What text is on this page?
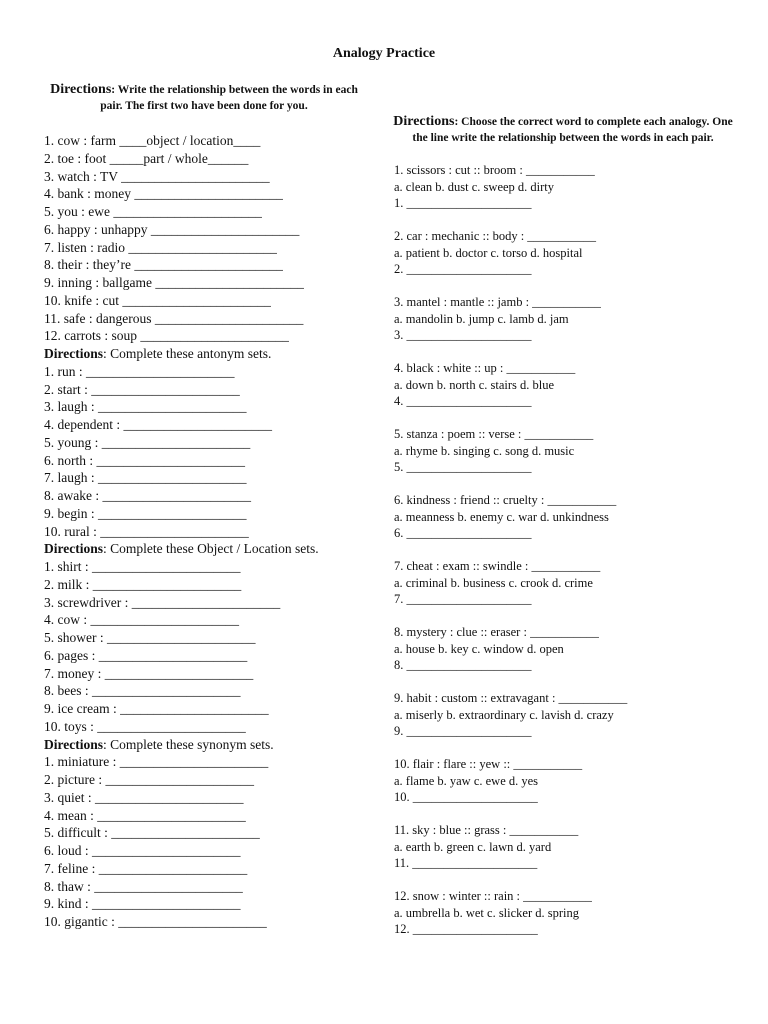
Analogy Practice
Directions: Write the relationship between the words in each pair. The first two have been done for you.
Directions: Choose the correct word to complete each analogy. One the line write the relationship between the words in each pair.
1. cow : farm ____object / location____
2. toe : foot _____part / whole______
3. watch : TV ______________________
4. bank : money ______________________
5. you : ewe ______________________
6. happy : unhappy ______________________
7. listen : radio ______________________
8. their : they’re ______________________
9. inning : ballgame ______________________
10. knife : cut ______________________
11. safe : dangerous ______________________
12. carrots : soup ______________________
Directions: Complete these antonym sets.
1. run : ______________________
2. start : ______________________
3. laugh : ______________________
4. dependent : ______________________
5. young : ______________________
6. north : ______________________
7. laugh : ______________________
8. awake : ______________________
9. begin : ______________________
10. rural : ______________________
Directions: Complete these Object / Location sets.
1. shirt : ______________________
2. milk : ______________________
3. screwdriver : ______________________
4. cow : ______________________
5. shower : ______________________
6. pages : ______________________
7. money : ______________________
8. bees : ______________________
9. ice cream : ______________________
10. toys : ______________________
Directions: Complete these synonym sets.
1. miniature : ______________________
2. picture : ______________________
3. quiet : ______________________
4. mean : ______________________
5. difficult : ______________________
6. loud : ______________________
7. feline : ______________________
8. thaw : ______________________
9. kind : ______________________
10. gigantic : ______________________
1. scissors : cut :: broom : ___________
a. clean b. dust c. sweep d. dirty
1. ____________________
2. car : mechanic :: body : ___________
a. patient b. doctor c. torso d. hospital
2. ____________________
3. mantel : mantle :: jamb : ___________
a. mandolin b. jump c. lamb d. jam
3. ____________________
4. black : white :: up : ___________
a. down b. north c. stairs d. blue
4. ____________________
5. stanza : poem :: verse : ___________
a. rhyme b. singing c. song d. music
5. ____________________
6. kindness : friend :: cruelty : ___________
a. meanness b. enemy c. war d. unkindness
6. ____________________
7. cheat : exam :: swindle : ___________
a. criminal b. business c. crook d. crime
7. ____________________
8. mystery : clue :: eraser : ___________
a. house b. key c. window d. open
8. ____________________
9. habit : custom :: extravagant : ___________
a. miserly b. extraordinary c. lavish d. crazy
9. ____________________
10. flair : flare :: yew :: ___________
a. flame b. yaw c. ewe d. yes
10. ____________________
11. sky : blue :: grass : ___________
a. earth b. green c. lawn d. yard
11. ____________________
12. snow : winter :: rain : ___________
a. umbrella b. wet c. slicker d. spring
12. ____________________
